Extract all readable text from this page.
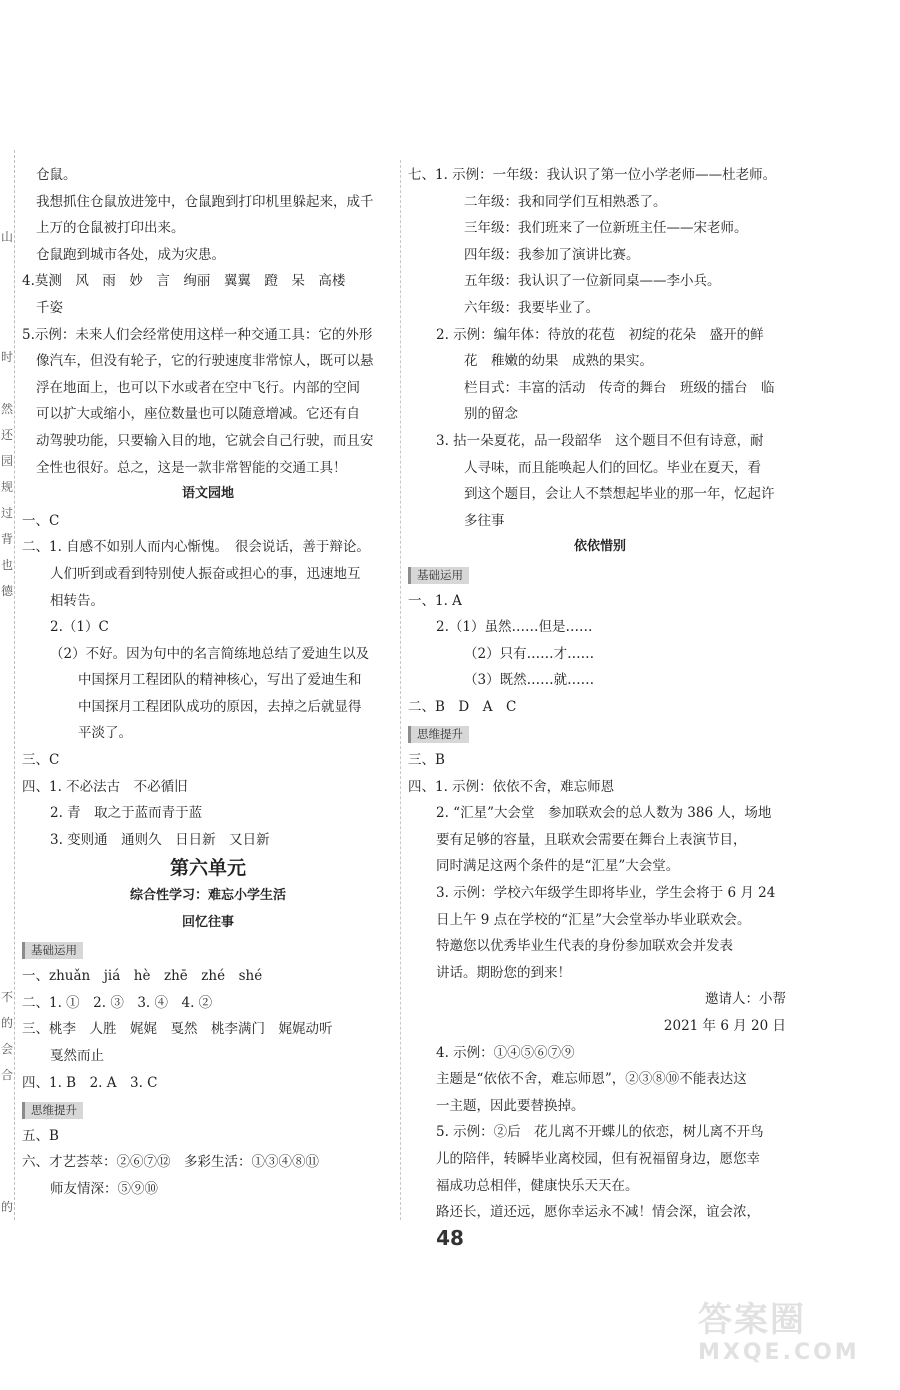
山
时
然
还
园
规
过
背
也
德
不
的
会
合
的
仓鼠。
我想抓住仓鼠放进笼中，仓鼠跑到打印机里躲起来，成千
上万的仓鼠被打印出来。
仓鼠跑到城市各处，成为灾患。
4.莫测　风　雨　妙　言　绚丽　翼翼　蹬　呆　高楼
千姿
5.示例：未来人们会经常使用这样一种交通工具：它的外形
像汽车，但没有轮子，它的行驶速度非常惊人，既可以悬
浮在地面上，也可以下水或者在空中飞行。内部的空间
可以扩大或缩小，座位数量也可以随意增减。它还有自
动驾驶功能，只要输入目的地，它就会自己行驶，而且安
全性也很好。总之，这是一款非常智能的交通工具！
语文园地
一、C
二、1. 自感不如别人而内心惭愧。　很会说话，善于辩论。
人们听到或看到特别使人振奋或担心的事，迅速地互
相转告。
2.（1）C
（2）不好。因为句中的名言简练地总结了爱迪生以及
中国探月工程团队的精神核心，写出了爱迪生和
中国探月工程团队成功的原因，去掉之后就显得
平淡了。
三、C
四、1. 不必法古　不必循旧
2. 青　取之于蓝而青于蓝
3. 变则通　通则久　日日新　又日新
第六单元
综合性学习：难忘小学生活
回忆往事
基础运用
一、zhuǎn　jiá　hè　zhē　zhé　shé
二、1. ①　2. ③　3. ④　4. ②
三、桃李　人胜　娓娓　戛然　桃李满门　娓娓动听
戛然而止
四、1. B　2. A　3. C
思维提升
五、B
六、才艺荟萃：②⑥⑦⑫　多彩生活：①③④⑧⑪
师友情深：⑤⑨⑩
七、1. 示例：一年级：我认识了第一位小学老师——杜老师。
二年级：我和同学们互相熟悉了。
三年级：我们班来了一位新班主任——宋老师。
四年级：我参加了演讲比赛。
五年级：我认识了一位新同桌——李小兵。
六年级：我要毕业了。
2. 示例：编年体：待放的花苞　初绽的花朵　盛开的鲜
花　稚嫩的幼果　成熟的果实。
栏目式：丰富的活动　传奇的舞台　班级的擂台　临
别的留念
3. 拈一朵夏花，品一段韶华　这个题目不但有诗意，耐
人寻味，而且能唤起人们的回忆。毕业在夏天，看
到这个题目，会让人不禁想起毕业的那一年，忆起许
多往事
依依惜别
基础运用
一、1. A
2.（1）虽然……但是……
（2）只有……才……
（3）既然……就……
二、B　D　A　C
思维提升
三、B
四、1. 示例：依依不舍，难忘师恩
2. “汇星”大会堂　参加联欢会的总人数为 386 人，场地
要有足够的容量，且联欢会需要在舞台上表演节目，
同时满足这两个条件的是“汇星”大会堂。
3. 示例：学校六年级学生即将毕业，学生会将于 6 月 24
日上午 9 点在学校的“汇星”大会堂举办毕业联欢会。
特邀您以优秀毕业生代表的身份参加联欢会并发表
讲话。期盼您的到来！
邀请人：小帮
2021 年 6 月 20 日
4. 示例：①④⑤⑥⑦⑨
主题是“依依不舍，难忘师恩”，②③⑧⑩不能表达这
一主题，因此要替换掉。
5. 示例：②后　花儿离不开蝶儿的依恋，树儿离不开鸟
儿的陪伴，转瞬毕业离校园，但有祝福留身边，愿您幸
福成功总相伴，健康快乐天天在。
路还长，道还远，愿你幸运永不减！情会深，谊会浓，
48
答案圈
MXQE.COM
